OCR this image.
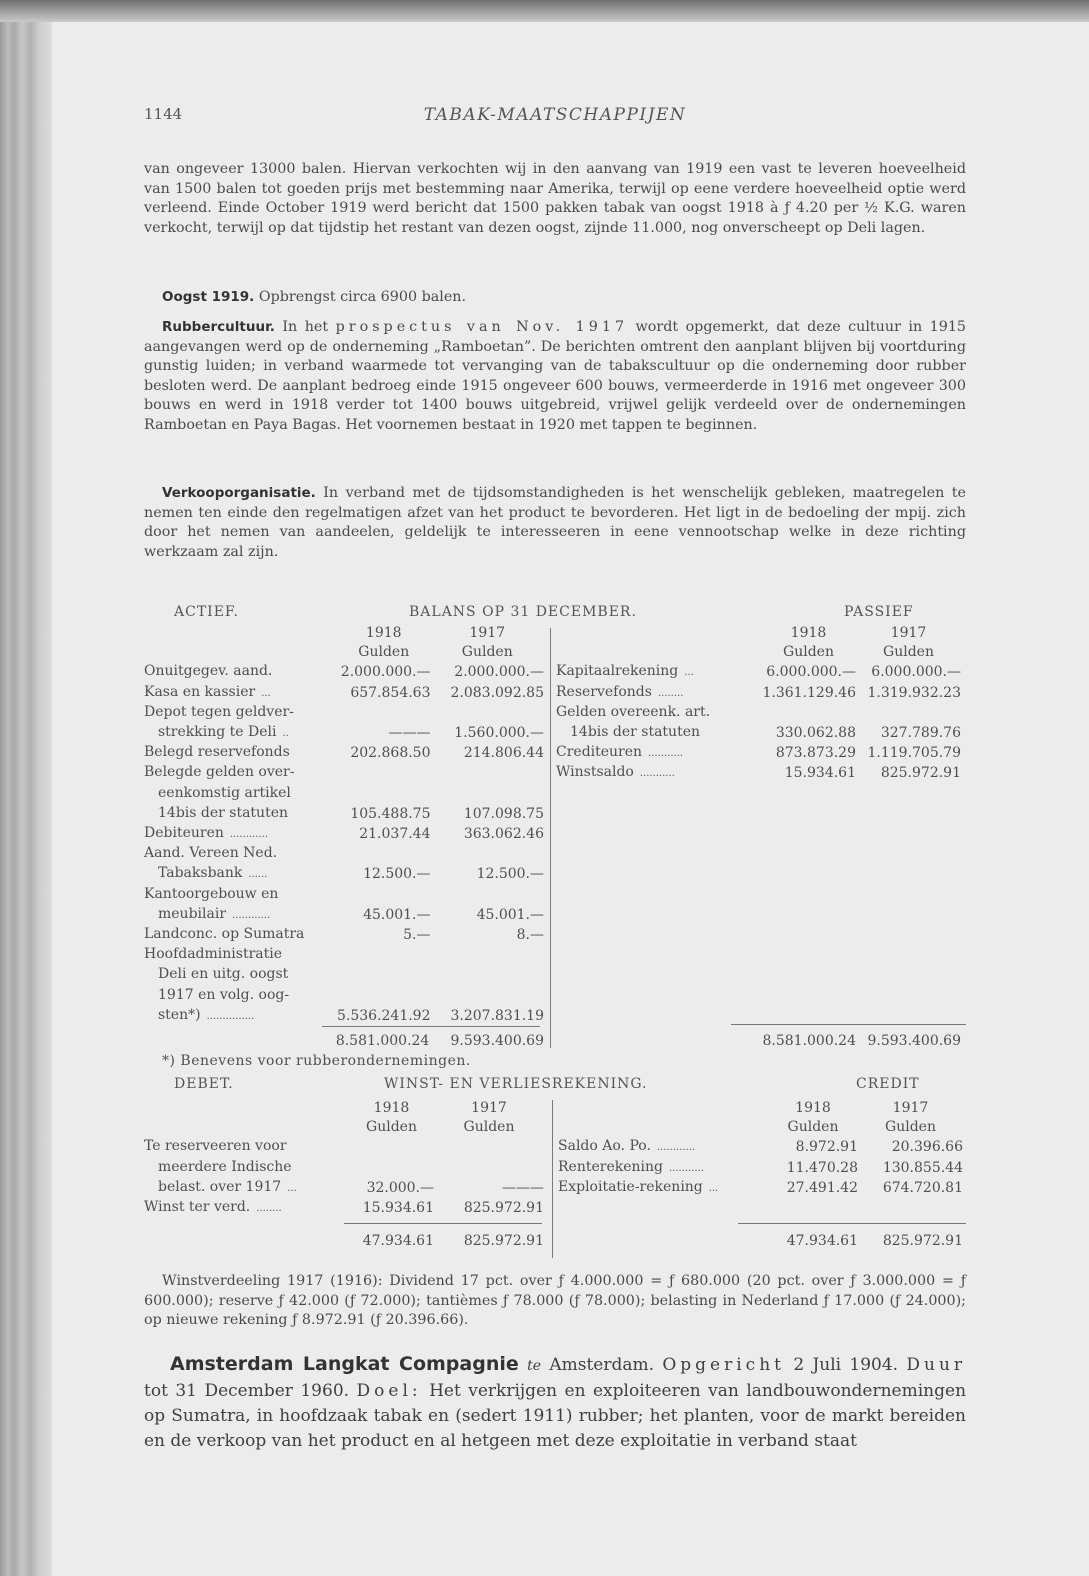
1144	TABAK-MAATSCHAPPIJEN

van ongeveer 13000 balen. Hiervan verkochten wij in den aanvang van 1919 een vast te leveren hoeveelheid van 1500 balen tot goeden prijs met bestemming naar Amerika, terwijl op eene verdere hoeveelheid optie werd verleend. Einde October 1919 werd bericht dat 1500 pakken tabak van oogst 1918 à ƒ 4.20 per ½ K.G. waren verkocht, terwijl op dat tijdstip het restant van dezen oogst, zijnde 11.000, nog onverscheept op Deli lagen.

Oogst 1919. Opbrengst circa 6900 balen.

Rubbercultuur. In het prospectus van Nov. 1917 wordt opgemerkt, dat deze cultuur in 1915 aangevangen werd op de onderneming „Ramboetan”. De berichten omtrent den aanplant blijven bij voortduring gunstig luiden; in verband waarmede tot vervanging van de tabakscultuur op die onderneming door rubber besloten werd. De aanplant bedroeg einde 1915 ongeveer 600 bouws, vermeerderde in 1916 met ongeveer 300 bouws en werd in 1918 verder tot 1400 bouws uitgebreid, vrijwel gelijk verdeeld over de ondernemingen Ramboetan en Paya Bagas. Het voornemen bestaat in 1920 met tappen te beginnen.

Verkooporganisatie. In verband met de tijdsomstandigheden is het wenschelijk gebleken, maatregelen te nemen ten einde den regelmatigen afzet van het product te bevorderen. Het ligt in de bedoeling der mpij. zich door het nemen van aandeelen, geldelijk te interesseeren in eene vennootschap welke in deze richting werkzaam zal zijn.

ACTIEF.	BALANS OP 31 DECEMBER.	PASSIEF
	1918	1917
	Gulden	Gulden
Onuitgegev. aand.	2.000.000.—	2.000.000.—
Kasa en kassier ...	657.854.63	2.083.092.85
Depot tegen geldver-		
strekking te Deli ..	———	1.560.000.—
Belegd reservefonds	202.868.50	214.806.44
Belegde gelden over-		
eenkomstig artikel		
14bis der statuten	105.488.75	107.098.75
Debiteuren ............	21.037.44	363.062.46
Aand. Vereen Ned.		
Tabaksbank ......	12.500.—	12.500.—
Kantoorgebouw en		
meubilair ............	45.001.—	45.001.—
Landconc. op Sumatra	5.—	8.—
Hoofdadministratie		
Deli en uitg. oogst		
1917 en volg. oog-		
sten*) ...............	5.536.241.92	3.207.831.19
	8.581.000.24	9.593.400.69
	1918	1917
	Gulden	Gulden
Kapitaalrekening ...	6.000.000.—	6.000.000.—
Reservefonds ........	1.361.129.46	1.319.932.23
Gelden overeenk. art.		
14bis der statuten	330.062.88	327.789.76
Crediteuren ...........	873.873.29	1.119.705.79
Winstsaldo ...........	15.934.61	825.972.91
	8.581.000.24	9.593.400.69
*) Benevens voor rubberondernemingen.
DEBET.	WINST- EN VERLIESREKENING.	CREDIT
	1918	1917
	Gulden	Gulden
Te reserveeren voor		
meerdere Indische		
belast. over 1917 ...	32.000.—	———
Winst ter verd. ........	15.934.61	825.972.91
	47.934.61	825.972.91
	1918	1917
	Gulden	Gulden
Saldo Ao. Po. ............	8.972.91	20.396.66
Renterekening ...........	11.470.28	130.855.44
Exploitatie-rekening ...	27.491.42	674.720.81
	47.934.61	825.972.91

Winstverdeeling 1917 (1916): Dividend 17 pct. over ƒ 4.000.000 = ƒ 680.000 (20 pct. over ƒ 3.000.000 = ƒ 600.000); reserve ƒ 42.000 (ƒ 72.000); tantièmes ƒ 78.000 (ƒ 78.000); belasting in Nederland ƒ 17.000 (ƒ 24.000); op nieuwe rekening ƒ 8.972.91 (ƒ 20.396.66).

Amsterdam Langkat Compagnie te Amsterdam. Opgericht 2 Juli 1904. Duur tot 31 December 1960. Doel: Het verkrijgen en exploiteeren van landbouwondernemingen op Sumatra, in hoofdzaak tabak en (sedert 1911) rubber; het planten, voor de markt bereiden en de verkoop van het product en al hetgeen met deze exploitatie in verband staat
